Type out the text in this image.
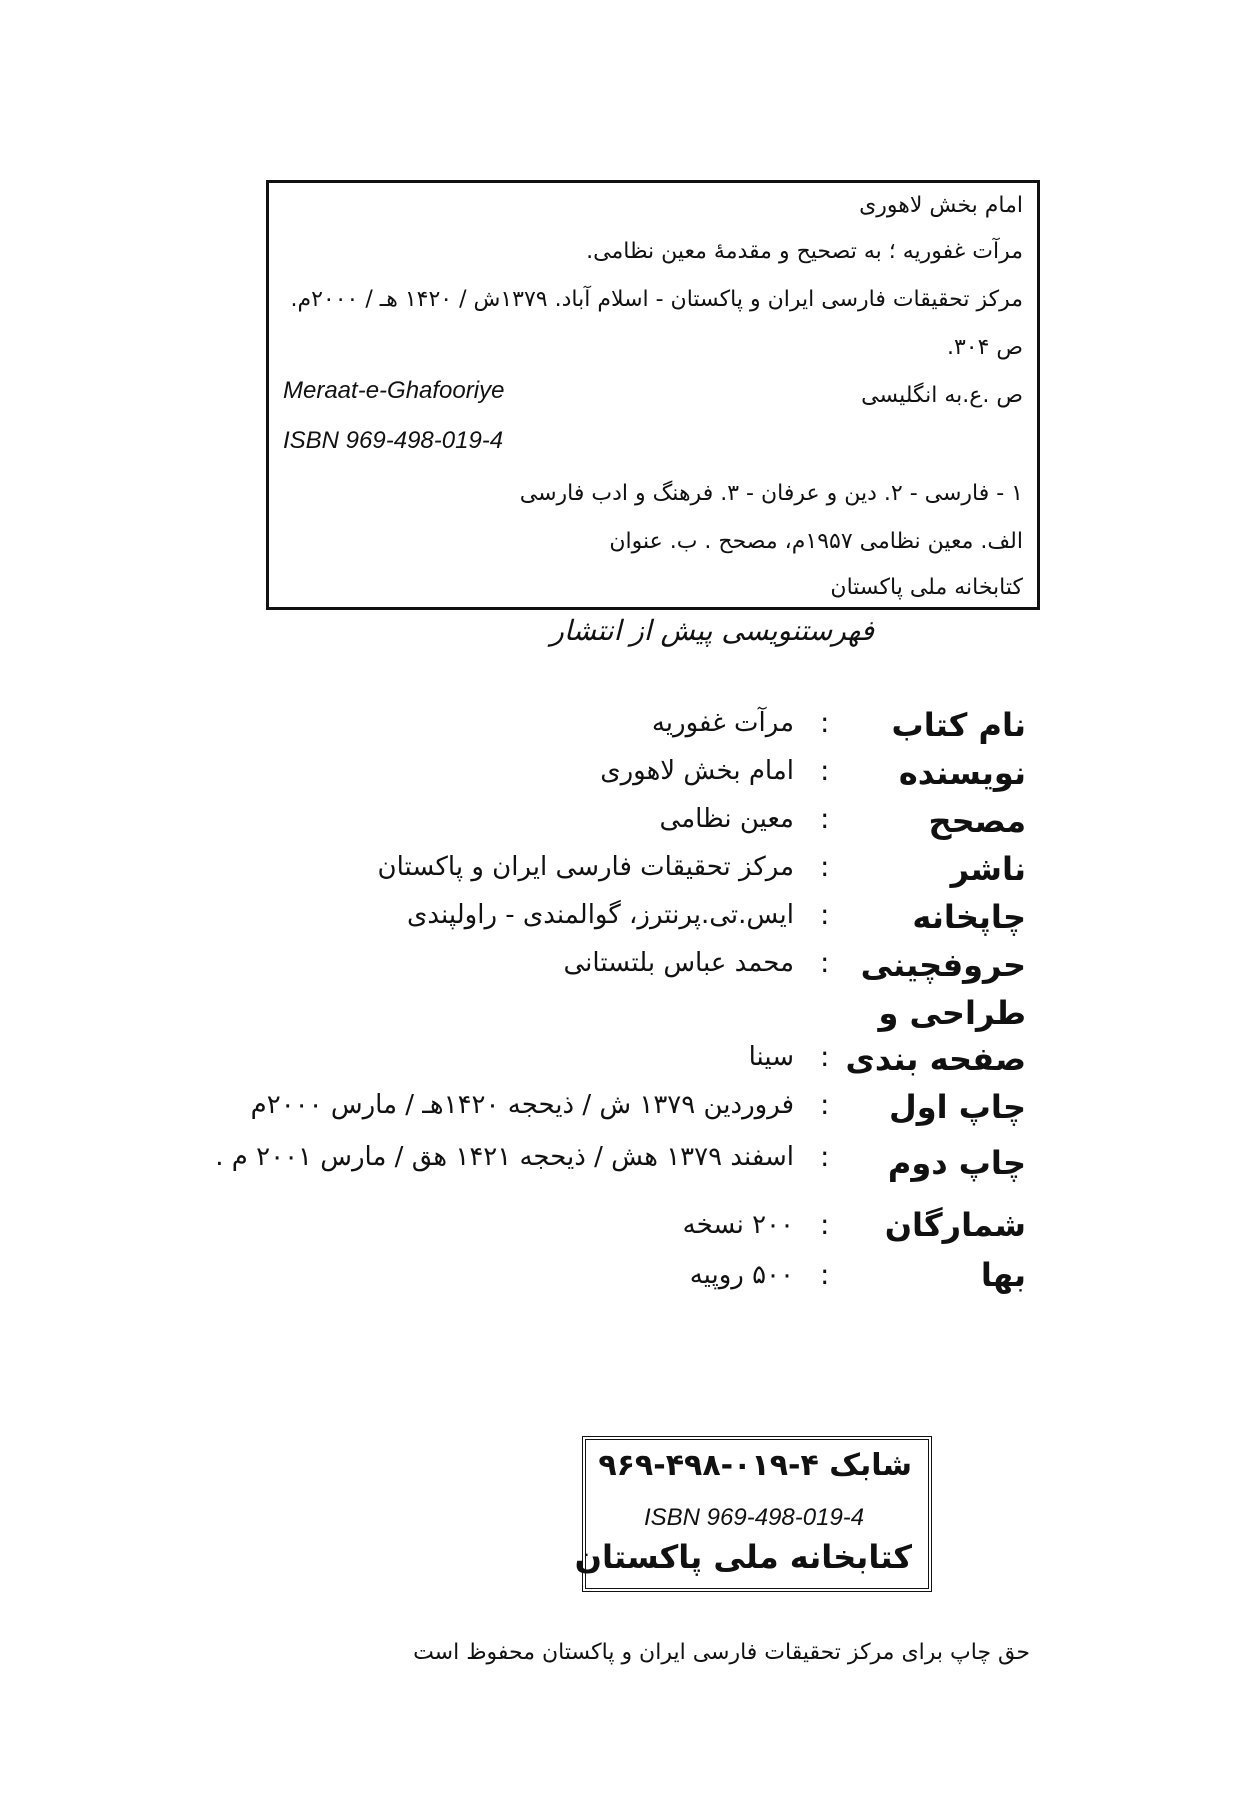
امام بخش لاهوری
مرآت غفوریه ؛ به تصحیح و مقدمهٔ معین نظامی.
مرکز تحقیقات فارسی ایران و پاکستان - اسلام آباد. ۱۳۷۹ش / ۱۴۲۰ هـ / ۲۰۰۰م.
ص ۳۰۴.
ص .ع.به انگلیسی
Meraat-e-Ghafooriye
ISBN 969-498-019-4
۱ - فارسی - ۲. دین و عرفان - ۳. فرهنگ و ادب فارسی
الف. معین نظامی ۱۹۵۷م، مصحح . ب. عنوان
کتابخانه ملی پاکستان
فهرستنویسی پیش از انتشار
نام کتاب
:
مرآت غفوریه
نویسنده
:
امام بخش لاهوری
مصحح
:
معین نظامی
ناشر
:
مرکز تحقیقات فارسی ایران و پاکستان
چاپخانه
:
ایس.تی.پرنترز، گوالمندی - راولپندی
حروفچینی
:
محمد عباس بلتستانی
طراحی و
صفحه بندی
:
سینا
چاپ اول
:
فروردین ۱۳۷۹ ش / ذیحجه ۱۴۲۰هـ / مارس ۲۰۰۰م
چاپ دوم
:
اسفند ۱۳۷۹ هش / ذیحجه ۱۴۲۱ هق / مارس ۲۰۰۱ م .
شمارگان
:
۲۰۰ نسخه
بها
:
۵۰۰ روپیه
شابک ۴-۰۱۹-۴۹۸-۹۶۹
ISBN 969-498-019-4
کتابخانه ملی پاکستان
حق چاپ برای مرکز تحقیقات فارسی ایران و پاکستان محفوظ است
